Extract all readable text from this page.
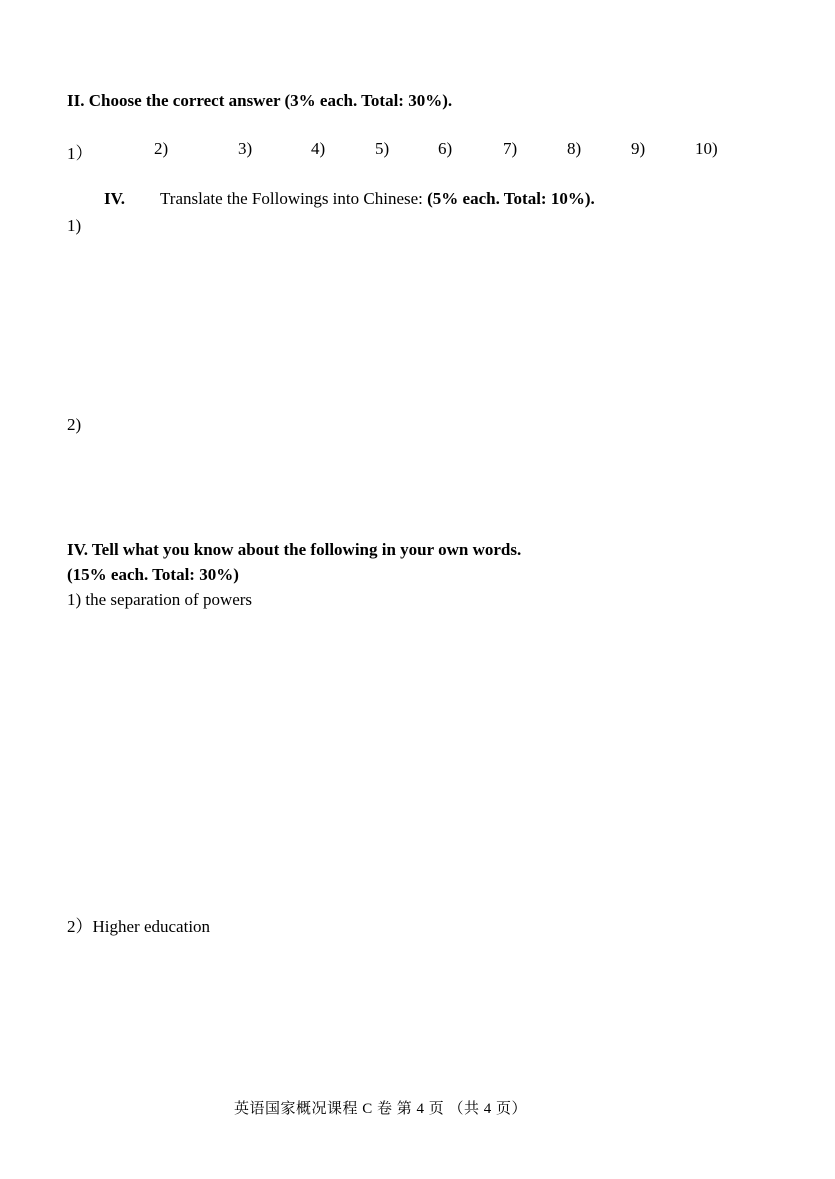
II. Choose the correct answer (3% each. Total: 30%).
1）	2)	3)	4)	5)	6)	7)	8)	9)	10)
IV. Translate the Followings into Chinese: (5% each. Total: 10%).
1)
2)
IV. Tell what you know about the following in your own words.
(15% each. Total: 30%)
1) the separation of powers
2）Higher education
英语国家概况课程 C 卷 第 4 页 （共 4 页）
